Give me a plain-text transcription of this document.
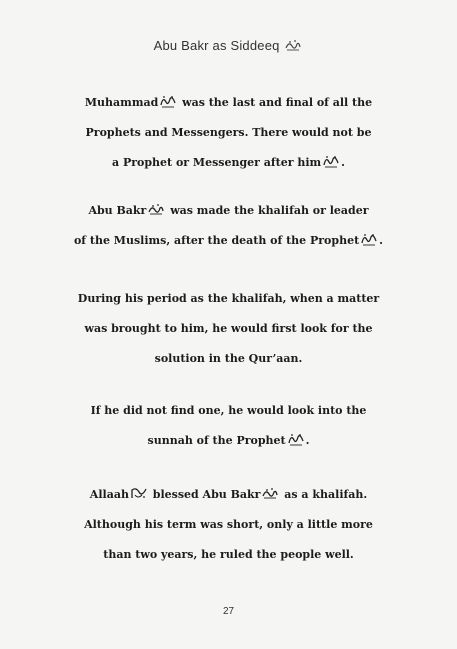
Abu Bakr as Siddeeq
Muhammad
was the last and final of all the
Prophets and Messengers. There would not be
a Prophet or Messenger after him .
Abu Bakr
was made the khalifah or leader
of the Muslims, after the death of the Prophet .
During his period as the khalifah, when a matter
was brought to him, he would first look for the
solution in the Qur’aan.
If he did not find one, he would look into the
sunnah of the Prophet .
Allaah
blessed Abu Bakr
as a khalifah.
Although his term was short, only a little more
than two years, he ruled the people well.
27
